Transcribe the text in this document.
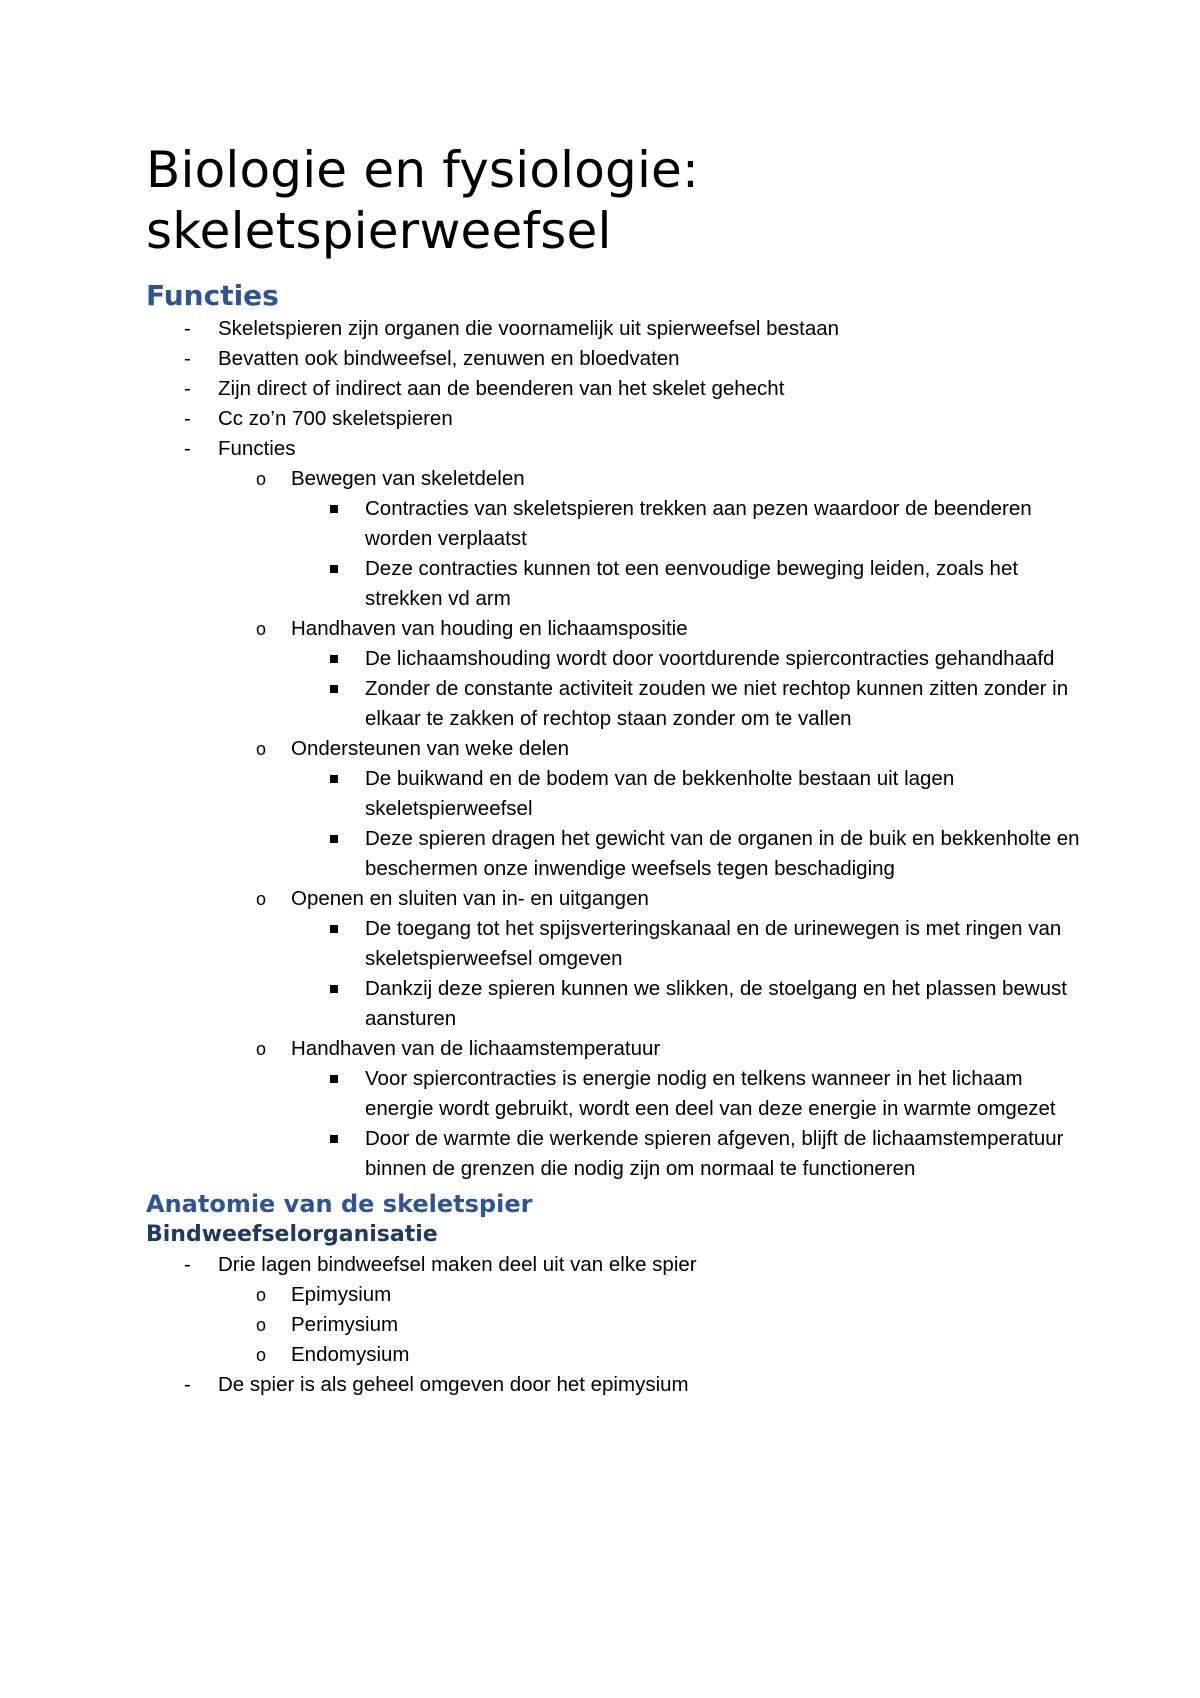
Biologie en fysiologie:
skeletspierweefsel
Functies
- Skeletspieren zijn organen die voornamelijk uit spierweefsel bestaan
- Bevatten ook bindweefsel, zenuwen en bloedvaten
- Zijn direct of indirect aan de beenderen van het skelet gehecht
- Cc zo’n 700 skeletspieren
- Functies
o Bewegen van skeletdelen
Contracties van skeletspieren trekken aan pezen waardoor de beenderen worden verplaatst
Deze contracties kunnen tot een eenvoudige beweging leiden, zoals het strekken vd arm
o Handhaven van houding en lichaamspositie
De lichaamshouding wordt door voortdurende spiercontracties gehandhaafd
Zonder de constante activiteit zouden we niet rechtop kunnen zitten zonder in elkaar te zakken of rechtop staan zonder om te vallen
o Ondersteunen van weke delen
De buikwand en de bodem van de bekkenholte bestaan uit lagen skeletspierweefsel
Deze spieren dragen het gewicht van de organen in de buik en bekkenholte en beschermen onze inwendige weefsels tegen beschadiging
o Openen en sluiten van in- en uitgangen
De toegang tot het spijsverteringskanaal en de urinewegen is met ringen van skeletspierweefsel omgeven
Dankzij deze spieren kunnen we slikken, de stoelgang en het plassen bewust aansturen
o Handhaven van de lichaamstemperatuur
Voor spiercontracties is energie nodig en telkens wanneer in het lichaam energie wordt gebruikt, wordt een deel van deze energie in warmte omgezet
Door de warmte die werkende spieren afgeven, blijft de lichaamstemperatuur binnen de grenzen die nodig zijn om normaal te functioneren
Anatomie van de skeletspier
Bindweefselorganisatie
- Drie lagen bindweefsel maken deel uit van elke spier
o Epimysium
o Perimysium
o Endomysium
- De spier is als geheel omgeven door het epimysium
